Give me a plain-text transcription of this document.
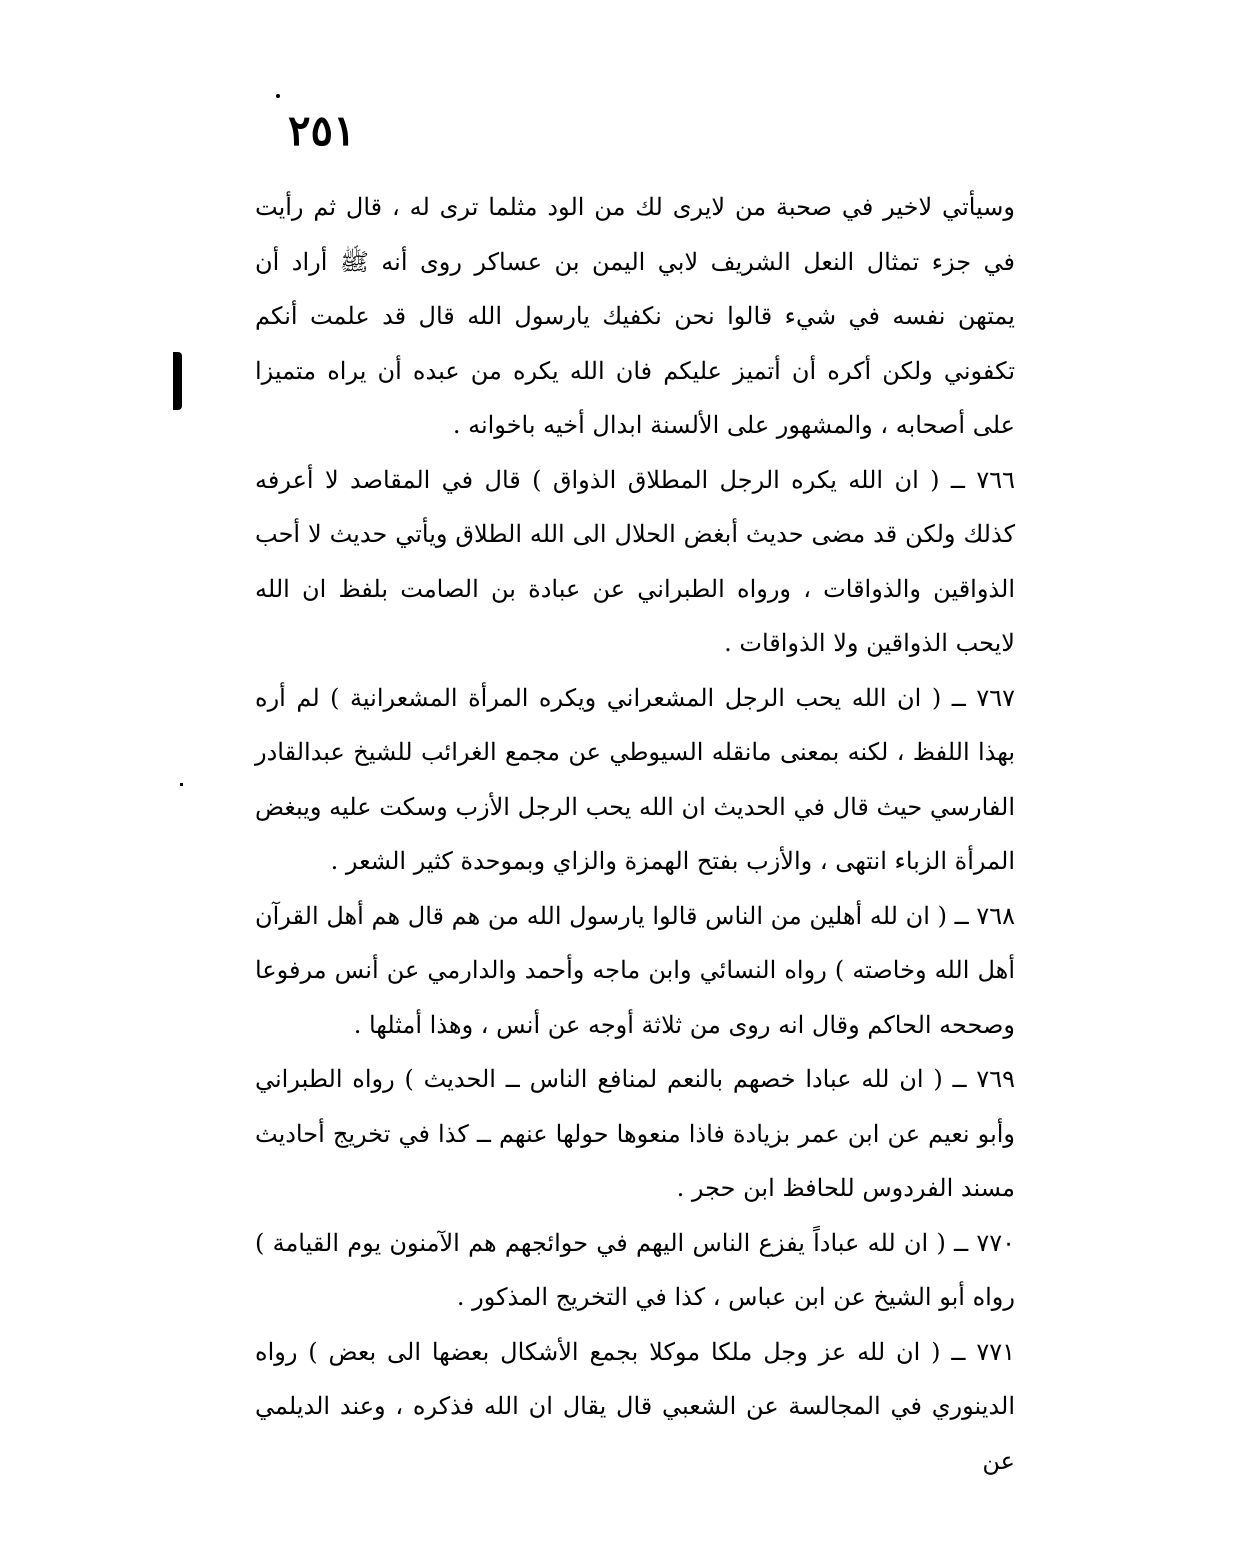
٢٥١

وسيأتي لاخير في صحبة من لايرى لك من الود مثلما ترى له ، قال ثم رأيت في جزء تمثال النعل الشريف لابي اليمن بن عساكر روى أنه ﷺ أراد أن يمتهن نفسه في شيء قالوا نحن نكفيك يارسول الله قال قد علمت أنكم تكفوني ولكن أكره أن أتميز عليكم فان الله يكره من عبده أن يراه متميزا على أصحابه ، والمشهور على الألسنة ابدال أخيه باخوانه .

٧٦٦ ــ ( ان الله يكره الرجل المطلاق الذواق ) قال في المقاصد لا أعرفه كذلك ولكن قد مضى حديث أبغض الحلال الى الله الطلاق ويأتي حديث لا أحب الذواقين والذواقات ، ورواه الطبراني عن عبادة بن الصامت بلفظ ان الله لايحب الذواقين ولا الذواقات .

٧٦٧ ــ ( ان الله يحب الرجل المشعراني ويكره المرأة المشعرانية ) لم أره بهذا اللفظ ، لكنه بمعنى مانقله السيوطي عن مجمع الغرائب للشيخ عبدالقادر الفارسي حيث قال في الحديث ان الله يحب الرجل الأزب وسكت عليه ويبغض المرأة الزباء انتهى ، والأزب بفتح الهمزة والزاي وبموحدة كثير الشعر .

٧٦٨ ــ ( ان لله أهلين من الناس قالوا يارسول الله من هم قال هم أهل القرآن أهل الله وخاصته ) رواه النسائي وابن ماجه وأحمد والدارمي عن أنس مرفوعا وصححه الحاكم وقال انه روى من ثلاثة أوجه عن أنس ، وهذا أمثلها .

٧٦٩ ــ ( ان لله عبادا خصهم بالنعم لمنافع الناس ــ الحديث ) رواه الطبراني وأبو نعيم عن ابن عمر بزيادة فاذا منعوها حولها عنهم ــ كذا في تخريج أحاديث مسند الفردوس للحافظ ابن حجر .

٧٧٠ ــ ( ان لله عباداً يفزع الناس اليهم في حوائجهم هم الآمنون يوم القيامة ) رواه أبو الشيخ عن ابن عباس ، كذا في التخريج المذكور .

٧٧١ ــ ( ان لله عز وجل ملكا موكلا بجمع الأشكال بعضها الى بعض ) رواه الدينوري في المجالسة عن الشعبي قال يقال ان الله فذكره ، وعند الديلمي عن
